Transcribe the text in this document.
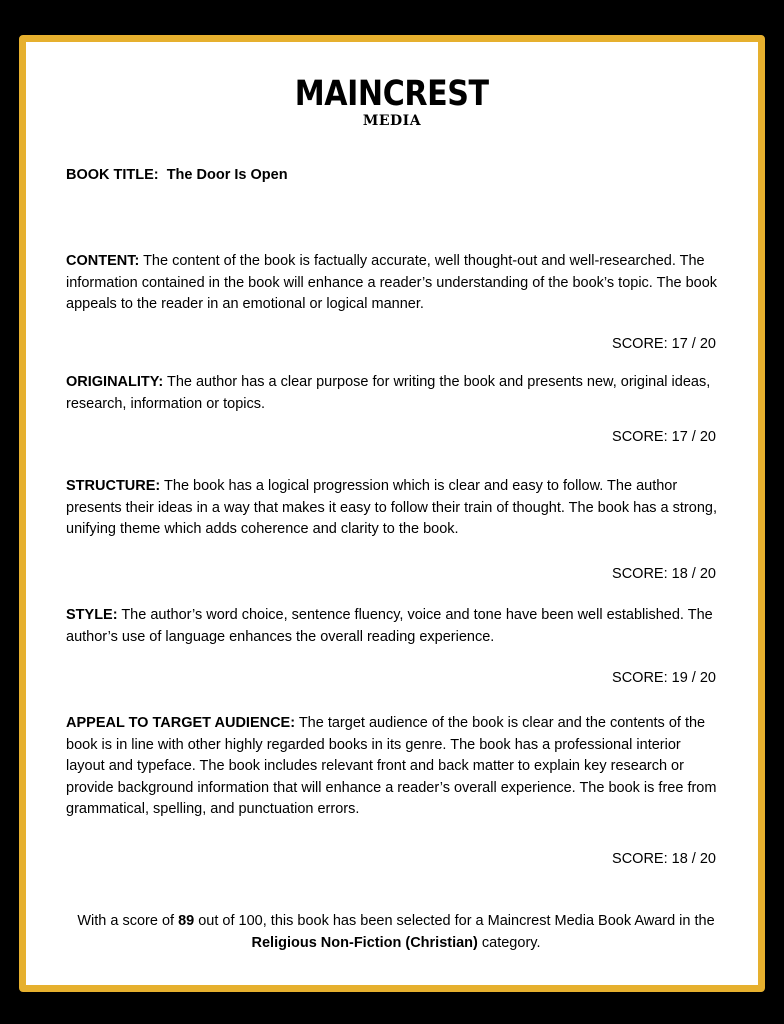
MAINCREST
MEDIA
BOOK TITLE: The Door Is Open
CONTENT: The content of the book is factually accurate, well thought-out and well-researched. The information contained in the book will enhance a reader’s understanding of the book’s topic. The book appeals to the reader in an emotional or logical manner.
SCORE: 17 / 20
ORIGINALITY: The author has a clear purpose for writing the book and presents new, original ideas, research, information or topics.
SCORE: 17 / 20
STRUCTURE: The book has a logical progression which is clear and easy to follow. The author presents their ideas in a way that makes it easy to follow their train of thought. The book has a strong, unifying theme which adds coherence and clarity to the book.
SCORE: 18 / 20
STYLE: The author’s word choice, sentence fluency, voice and tone have been well established. The author’s use of language enhances the overall reading experience.
SCORE: 19 / 20
APPEAL TO TARGET AUDIENCE: The target audience of the book is clear and the contents of the book is in line with other highly regarded books in its genre. The book has a professional interior layout and typeface. The book includes relevant front and back matter to explain key research or provide background information that will enhance a reader’s overall experience. The book is free from grammatical, spelling, and punctuation errors.
SCORE: 18 / 20
With a score of 89 out of 100, this book has been selected for a Maincrest Media Book Award in the Religious Non-Fiction (Christian) category.
